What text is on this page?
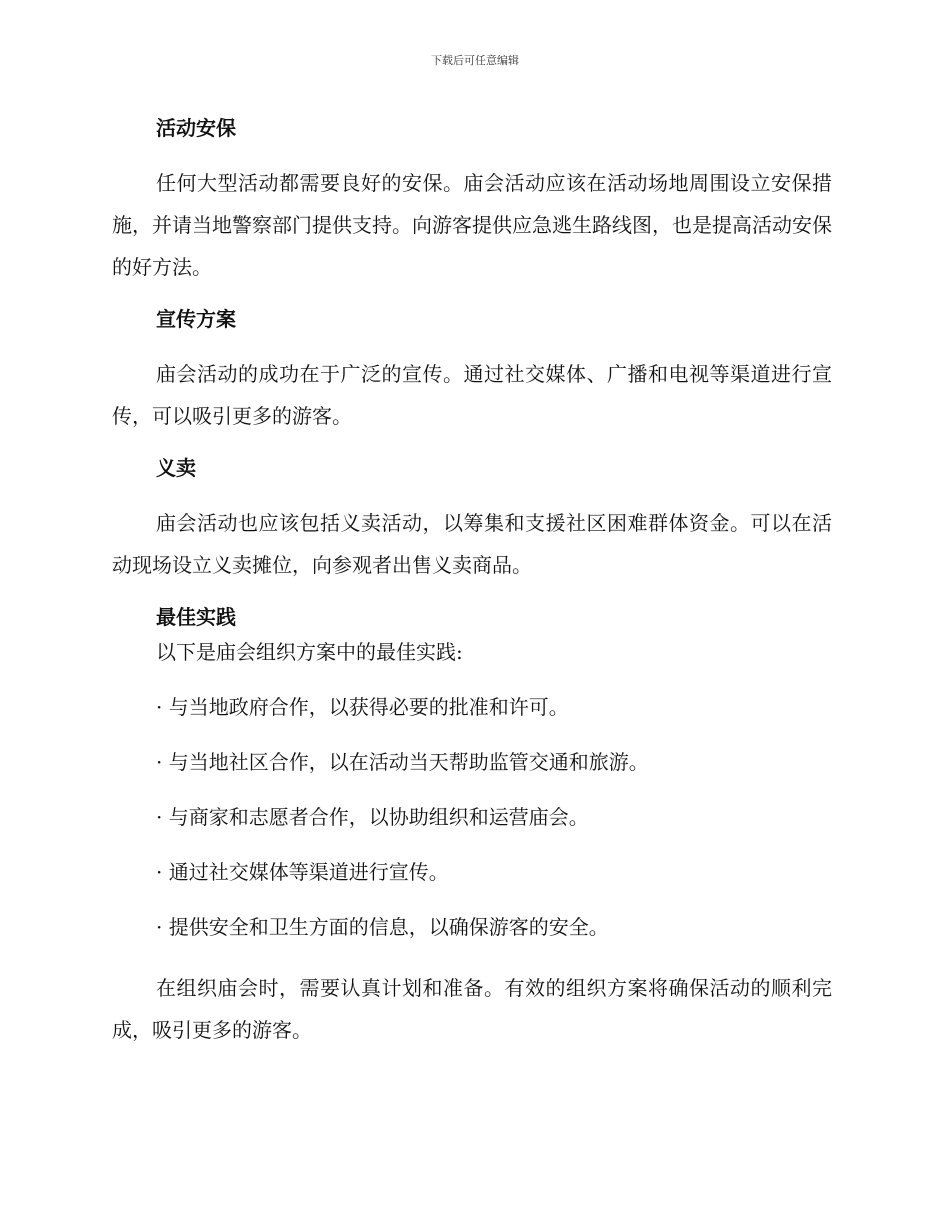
下载后可任意编辑
活动安保

任何大型活动都需要良好的安保。庙会活动应该在活动场地周围设立安保措施，并请当地警察部门提供支持。向游客提供应急逃生路线图，也是提高活动安保的好方法。

宣传方案

庙会活动的成功在于广泛的宣传。通过社交媒体、广播和电视等渠道进行宣传，可以吸引更多的游客。

义卖

庙会活动也应该包括义卖活动，以筹集和支援社区困难群体资金。可以在活动现场设立义卖摊位，向参观者出售义卖商品。

最佳实践

以下是庙会组织方案中的最佳实践:

· 与当地政府合作，以获得必要的批准和许可。

· 与当地社区合作，以在活动当天帮助监管交通和旅游。

· 与商家和志愿者合作，以协助组织和运营庙会。

· 通过社交媒体等渠道进行宣传。

· 提供安全和卫生方面的信息，以确保游客的安全。

在组织庙会时，需要认真计划和准备。有效的组织方案将确保活动的顺利完成，吸引更多的游客。
